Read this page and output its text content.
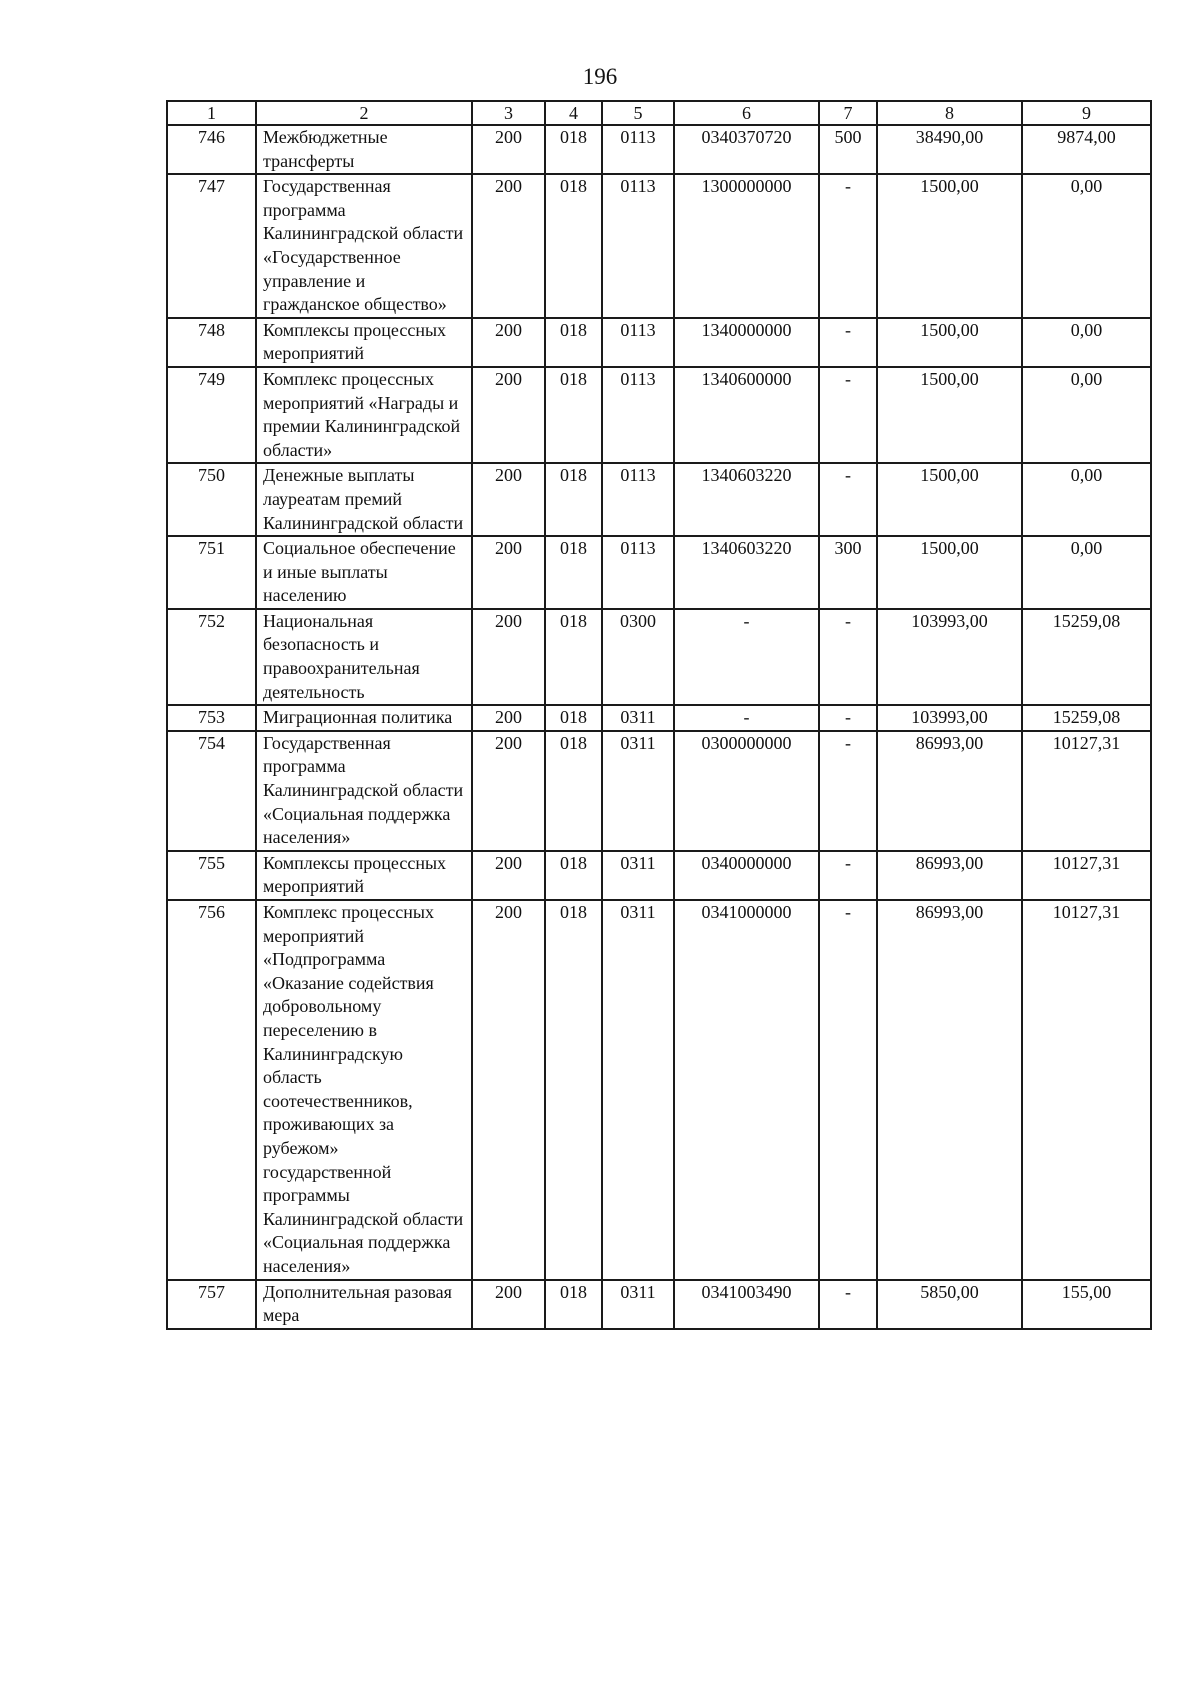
196
1	2	3	4	5	6	7	8	9
746	Межбюджетные трансферты	200	018	0113	0340370720	500	38490,00	9874,00
747	Государственная программа Калининградской области «Государственное управление и гражданское общество»	200	018	0113	1300000000	-	1500,00	0,00
748	Комплексы процессных мероприятий	200	018	0113	1340000000	-	1500,00	0,00
749	Комплекс процессных мероприятий «Награды и премии Калининградской области»	200	018	0113	1340600000	-	1500,00	0,00
750	Денежные выплаты лауреатам премий Калининградской области	200	018	0113	1340603220	-	1500,00	0,00
751	Социальное обеспечение и иные выплаты населению	200	018	0113	1340603220	300	1500,00	0,00
752	Национальная безопасность и правоохранительная деятельность	200	018	0300	-	-	103993,00	15259,08
753	Миграционная политика	200	018	0311	-	-	103993,00	15259,08
754	Государственная программа Калининградской области «Социальная поддержка населения»	200	018	0311	0300000000	-	86993,00	10127,31
755	Комплексы процессных мероприятий	200	018	0311	0340000000	-	86993,00	10127,31
756	Комплекс процессных мероприятий «Подпрограмма «Оказание содействия добровольному переселению в Калининградскую область соотечественников, проживающих за рубежом» государственной программы Калининградской области «Социальная поддержка населения»	200	018	0311	0341000000	-	86993,00	10127,31
757	Дополнительная разовая мера	200	018	0311	0341003490	-	5850,00	155,00
